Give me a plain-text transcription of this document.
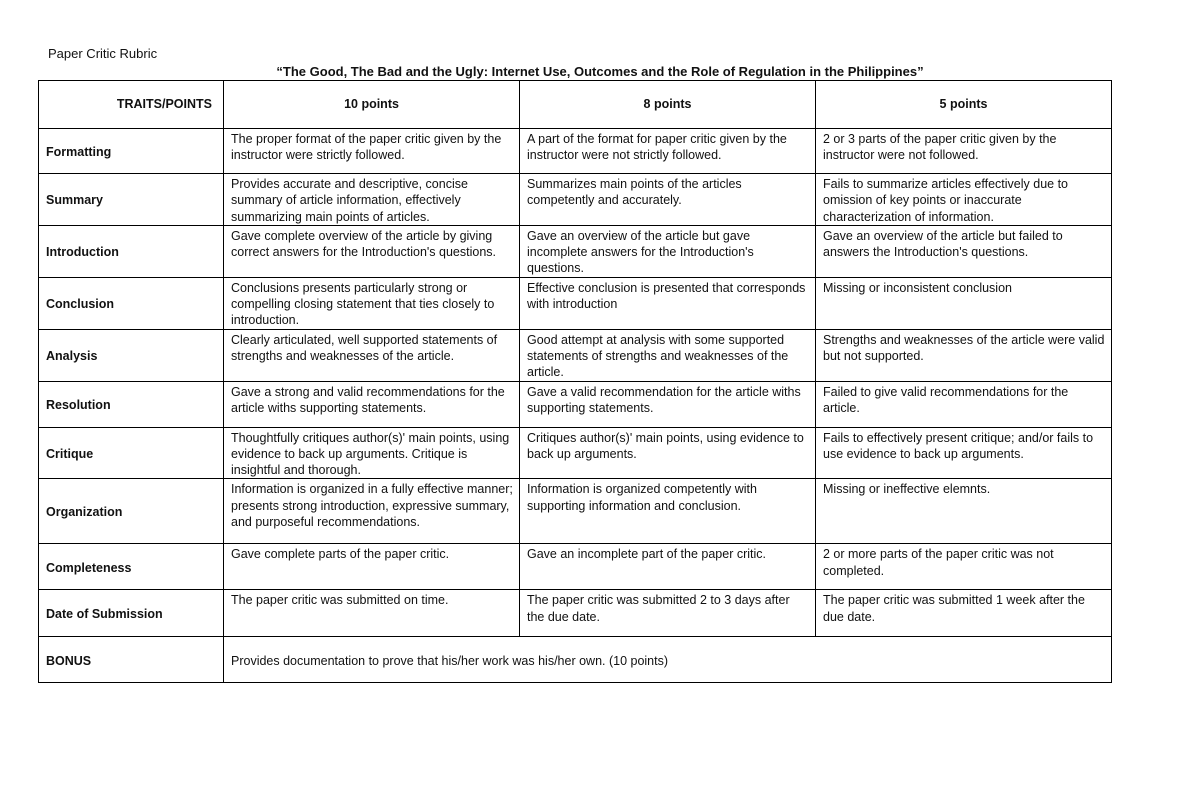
Paper Critic Rubric
“The Good, The Bad and the Ugly: Internet Use, Outcomes and the Role of Regulation in the Philippines”
TRAITS/POINTS	10 points	8 points	5 points
Formatting	The proper format of the paper critic given by the instructor were strictly followed.	A part of the format for paper critic given by the instructor were not strictly followed.	2 or 3 parts of the paper critic given by the instructor were not followed.
Summary	Provides accurate and descriptive, concise summary of article information, effectively summarizing main points of articles.	Summarizes main points of the articles competently and accurately.	Fails to summarize articles effectively due to omission of key points or inaccurate characterization of information.
Introduction	Gave complete overview of the article by giving correct answers for the Introduction's questions.	Gave an overview of the article but gave incomplete answers for the Introduction's questions.	Gave an overview of the article but failed to answers the Introduction's questions.
Conclusion	Conclusions presents particularly strong or compelling closing statement that ties closely to introduction.	Effective conclusion is presented that corresponds with introduction	Missing or inconsistent conclusion
Analysis	Clearly articulated, well supported statements of strengths and weaknesses of the article.	Good attempt at analysis with some supported statements of strengths and weaknesses of the article.	Strengths and weaknesses of the article were valid but not supported.
Resolution	Gave a strong and valid recommendations for the article withs supporting statements.	Gave a valid recommendation for the article withs supporting statements.	Failed to give valid recommendations for the article.
Critique	Thoughtfully critiques author(s)' main points, using evidence to back up arguments. Critique is insightful and thorough.	Critiques author(s)' main points, using evidence to back up arguments.	Fails to effectively present critique; and/or fails to use evidence to back up arguments.
Organization	Information is organized in a fully effective manner; presents strong introduction, expressive summary, and purposeful recommendations.	Information is organized competently with supporting information and conclusion.	Missing or ineffective elemnts.
Completeness	Gave complete parts of the paper critic.	Gave an incomplete part of the paper critic.	2 or more parts of the paper critic was not completed.
Date of Submission	The paper critic was submitted on time.	The paper critic was submitted 2 to 3 days after the due date.	The paper critic was submitted 1 week after the due date.
BONUS	Provides documentation to prove that his/her work was his/her own. (10 points)		
